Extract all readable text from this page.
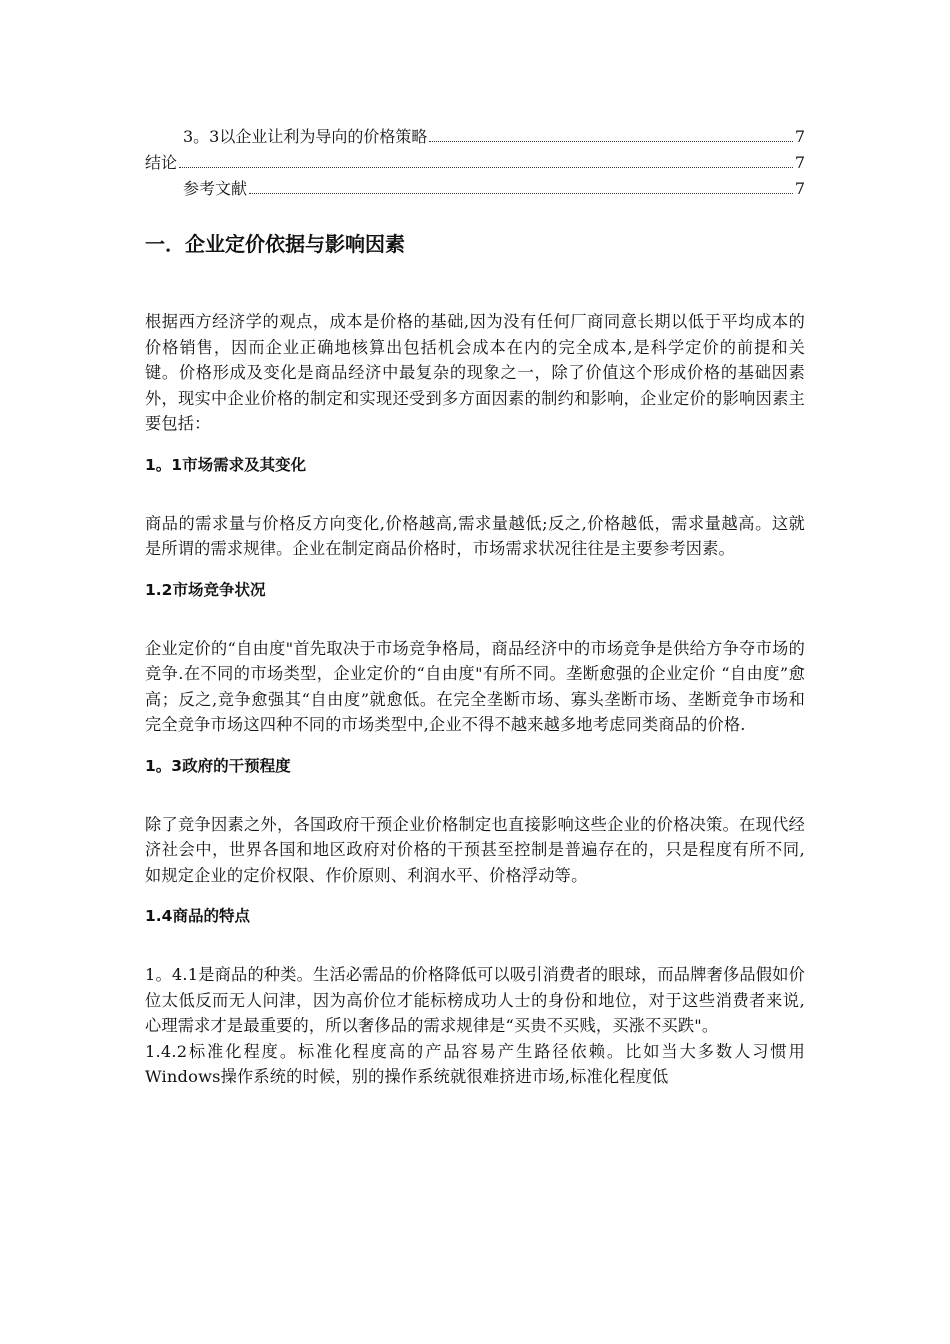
3。3以企业让利为导向的价格策略	7
结论	7
参考文献	7
一．企业定价依据与影响因素

根据西方经济学的观点，成本是价格的基础,因为没有任何厂商同意长期以低于平均成本的价格销售，因而企业正确地核算出包括机会成本在内的完全成本,是科学定价的前提和关键。价格形成及变化是商品经济中最复杂的现象之一，除了价值这个形成价格的基础因素外，现实中企业价格的制定和实现还受到多方面因素的制约和影响，企业定价的影响因素主要包括：

1。1市场需求及其变化

商品的需求量与价格反方向变化,价格越高,需求量越低;反之,价格越低，需求量越高。这就是所谓的需求规律。企业在制定商品价格时，市场需求状况往往是主要参考因素。

1.2市场竞争状况

企业定价的“自由度"首先取决于市场竞争格局，商品经济中的市场竞争是供给方争夺市场的竞争.在不同的市场类型，企业定价的“自由度"有所不同。垄断愈强的企业定价 “自由度”愈高；反之,竞争愈强其“自由度”就愈低。在完全垄断市场、寡头垄断市场、垄断竞争市场和完全竞争市场这四种不同的市场类型中,企业不得不越来越多地考虑同类商品的价格.

1。3政府的干预程度

除了竞争因素之外，各国政府干预企业价格制定也直接影响这些企业的价格决策。在现代经济社会中，世界各国和地区政府对价格的干预甚至控制是普遍存在的，只是程度有所不同,如规定企业的定价权限、作价原则、利润水平、价格浮动等。

1.4商品的特点

1。4.1是商品的种类。生活必需品的价格降低可以吸引消费者的眼球，而品牌奢侈品假如价位太低反而无人问津，因为高价位才能标榜成功人士的身份和地位，对于这些消费者来说,心理需求才是最重要的，所以奢侈品的需求规律是“买贵不买贱，买涨不买跌"。

1.4.2标准化程度。标准化程度高的产品容易产生路径依赖。比如当大多数人习惯用Windows操作系统的时候，别的操作系统就很难挤进市场,标准化程度低
